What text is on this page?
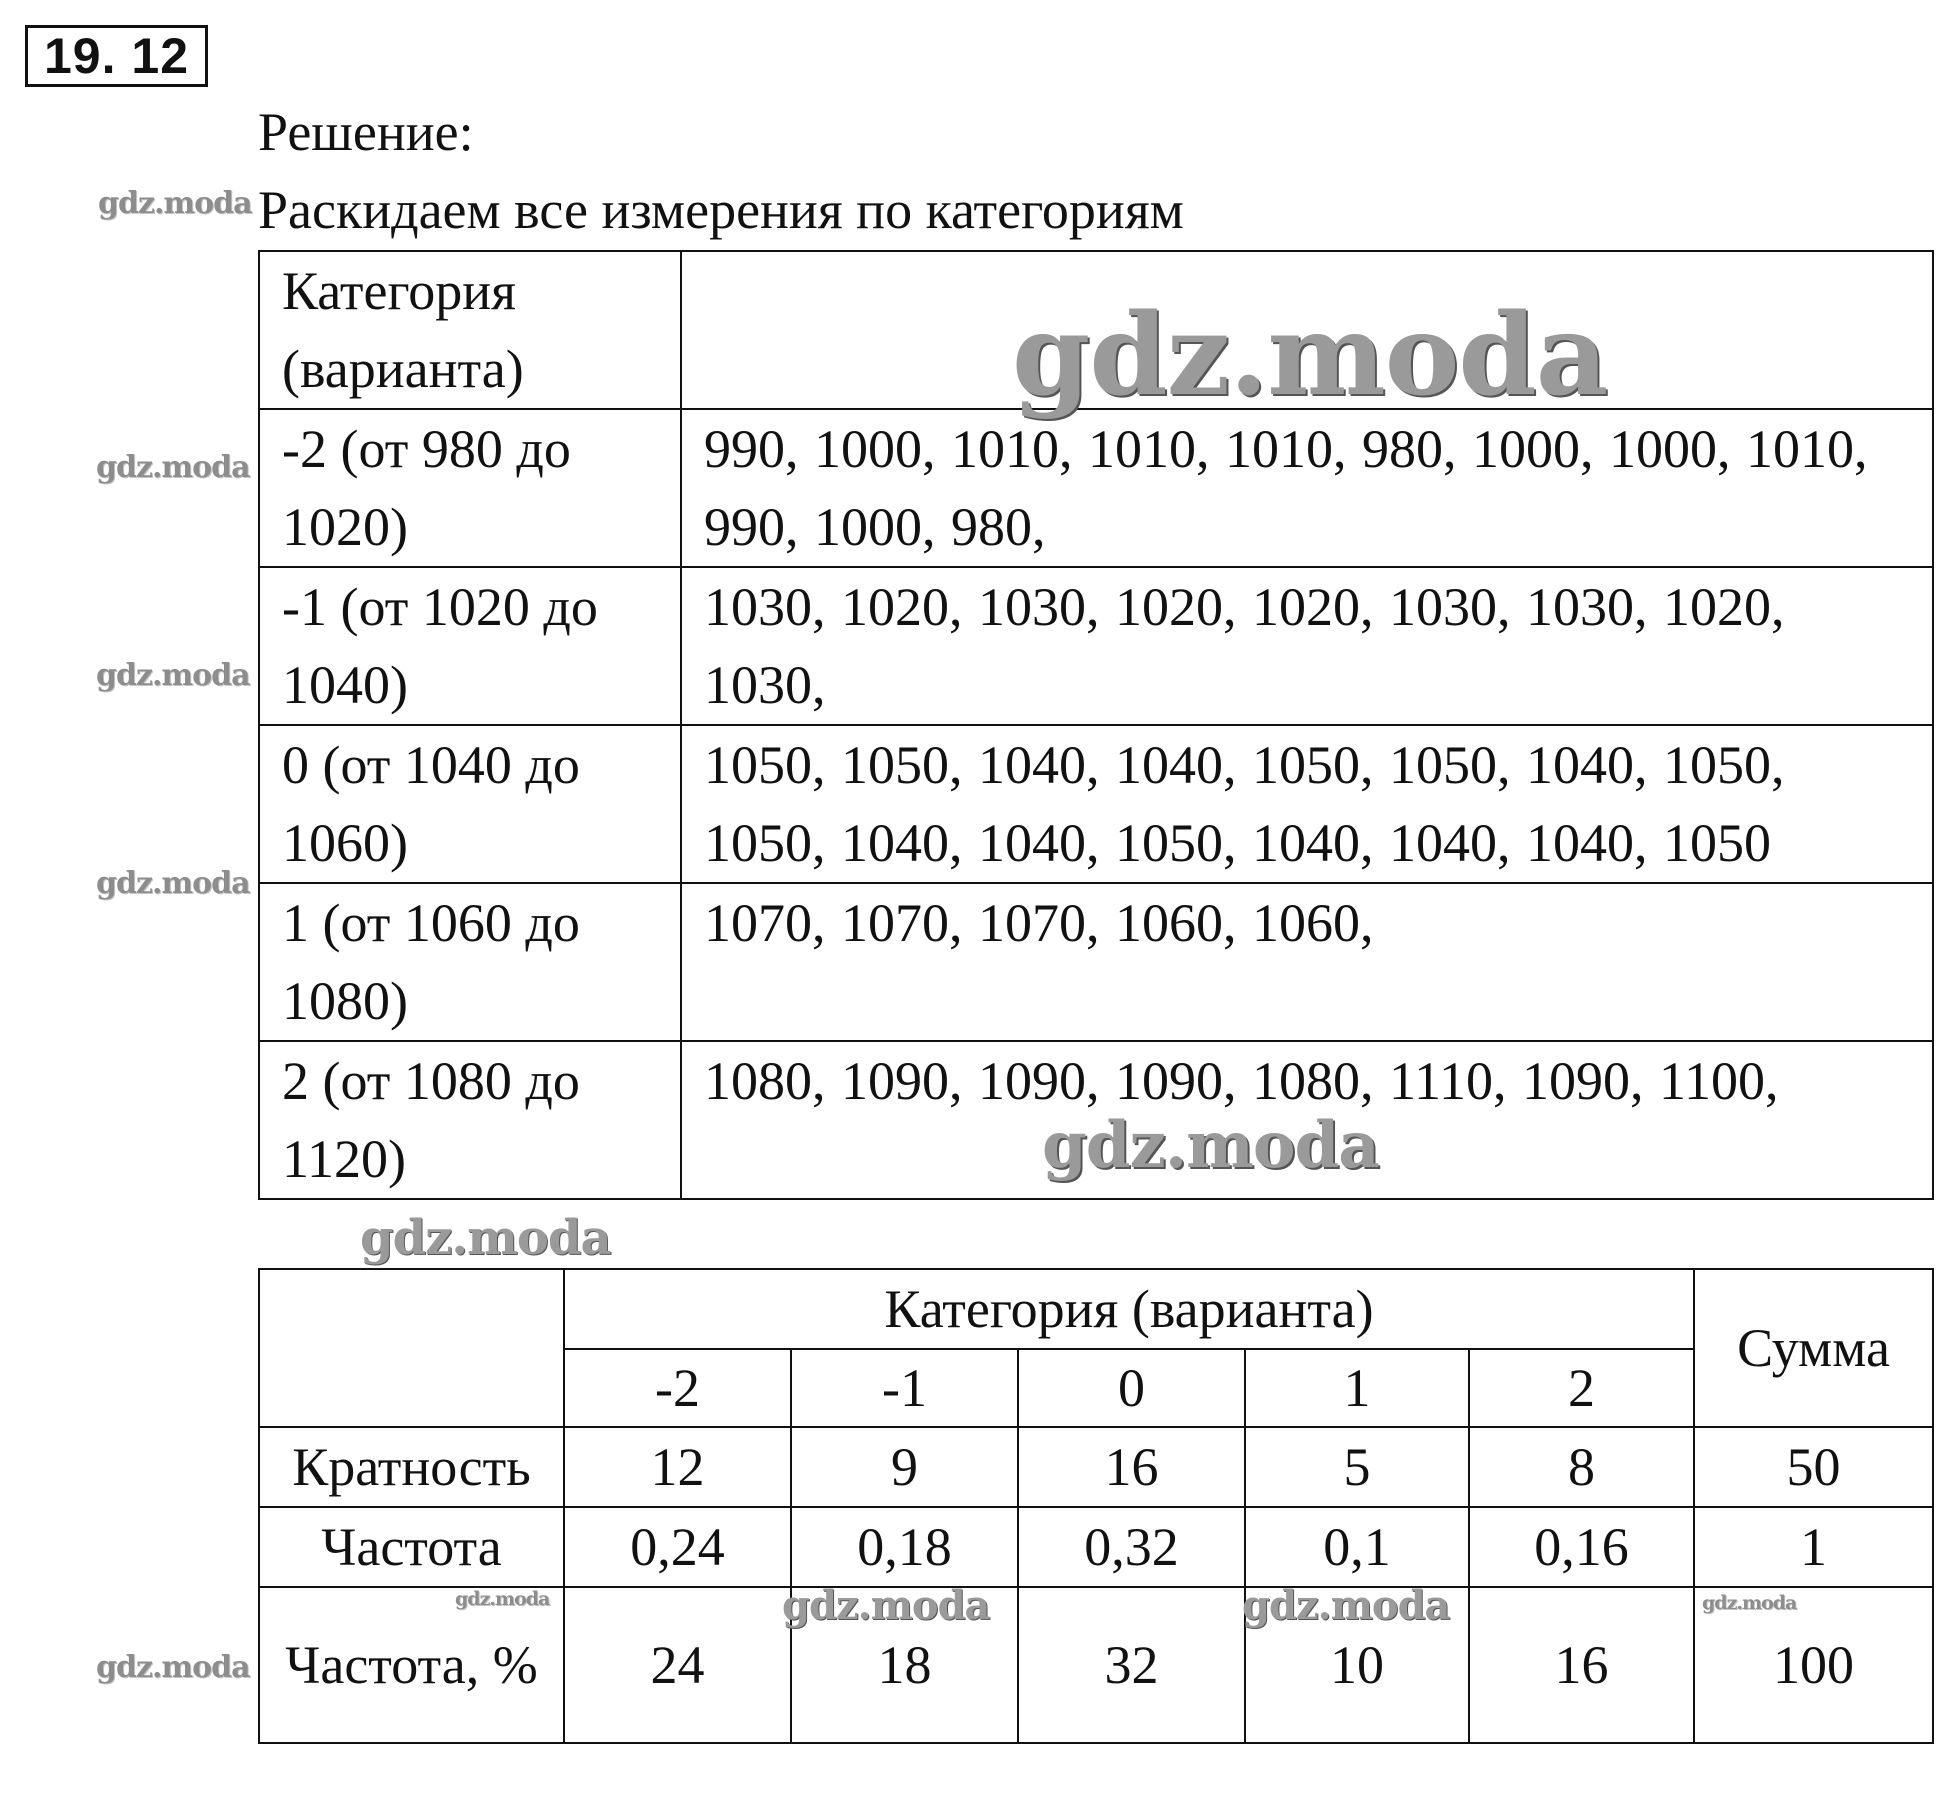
19. 12
Решение:
Раскидаем все измерения по категориям
Категория (варианта)	
-2 (от 980 до 1020)	990, 1000, 1010, 1010, 1010, 980, 1000, 1000, 1010, 990, 1000, 980,
-1 (от 1020 до 1040)	1030, 1020, 1030, 1020, 1020, 1030, 1030, 1020, 1030,
0 (от 1040 до 1060)	1050, 1050, 1040, 1040, 1050, 1050, 1040, 1050, 1050, 1040, 1040, 1050, 1040, 1040, 1040, 1050
1 (от 1060 до 1080)	1070, 1070, 1070, 1060, 1060,
2 (от 1080 до 1120)	1080, 1090, 1090, 1090, 1080, 1110, 1090, 1100,
	Категория (варианта)					Сумма
	-2	-1	0	1	2	
Кратность	12	9	16	5	8	50
Частота	0,24	0,18	0,32	0,1	0,16	1
Частота, %	24	18	32	10	16	100
gdz.moda
gdz.moda
gdz.moda
gdz.moda
gdz.moda
gdz.moda
gdz.moda
gdz.moda
gdz.moda	gdz.moda
gdz.moda	gdz.moda
